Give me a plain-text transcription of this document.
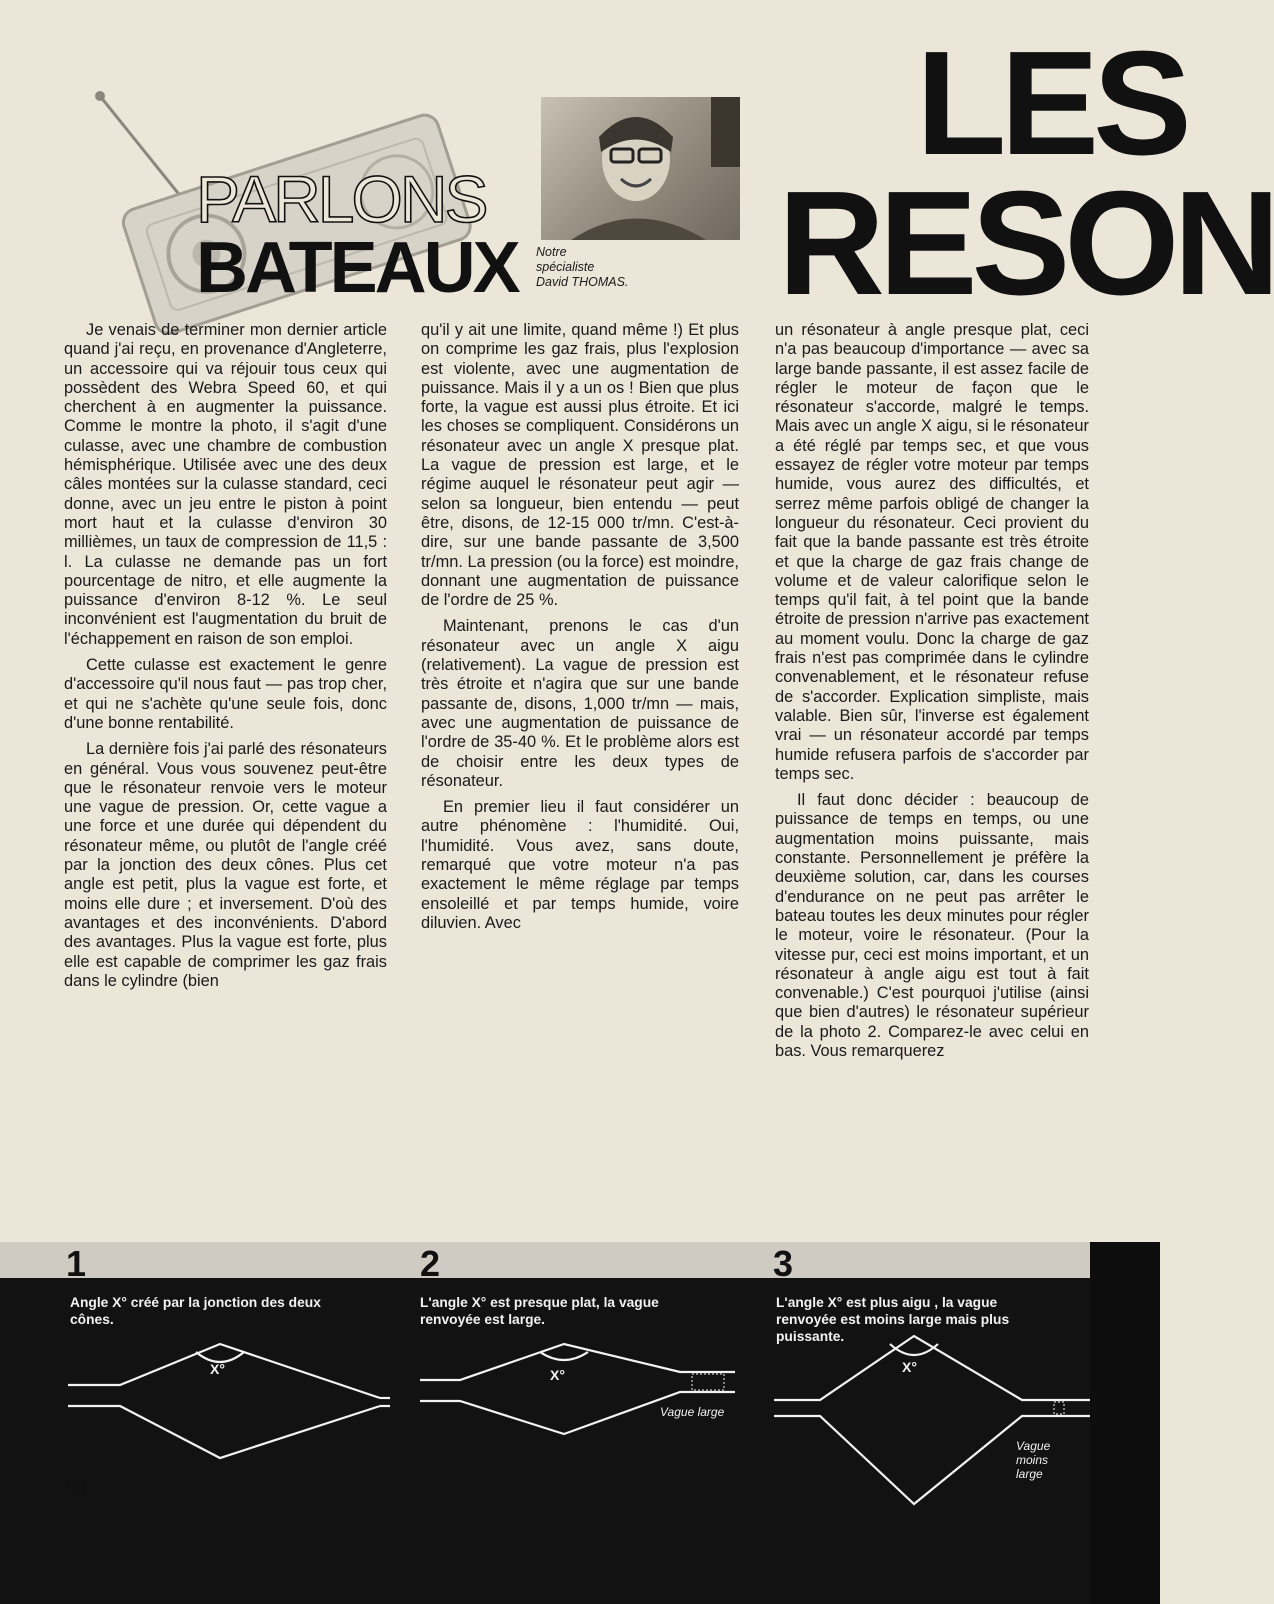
PARLONS
BATEAUX Notre
spécialiste
David THOMAS.
LES
RESON

Je venais de terminer mon dernier article quand j'ai reçu, en provenance d'Angleterre, un accessoire qui va réjouir tous ceux qui possèdent des Webra Speed 60, et qui cherchent à en augmenter la puissance. Comme le montre la photo, il s'agit d'une culasse, avec une chambre de combustion hémisphérique. Utilisée avec une des deux câles montées sur la culasse standard, ceci donne, avec un jeu entre le piston à point mort haut et la culasse d'environ 30 millièmes, un taux de compression de 11,5 : l. La culasse ne demande pas un fort pourcentage de nitro, et elle augmente la puissance d'environ 8-12 %. Le seul inconvénient est l'augmentation du bruit de l'échappement en raison de son emploi.

Cette culasse est exactement le genre d'accessoire qu'il nous faut — pas trop cher, et qui ne s'achète qu'une seule fois, donc d'une bonne rentabilité.

La dernière fois j'ai parlé des résonateurs en général. Vous vous souvenez peut-être que le résonateur renvoie vers le moteur une vague de pression. Or, cette vague a une force et une durée qui dépendent du résonateur même, ou plutôt de l'angle créé par la jonction des deux cônes. Plus cet angle est petit, plus la vague est forte, et moins elle dure ; et inversement. D'où des avantages et des inconvénients. D'abord des avantages. Plus la vague est forte, plus elle est capable de comprimer les gaz frais dans le cylindre (bien

qu'il y ait une limite, quand même !) Et plus on comprime les gaz frais, plus l'explosion est violente, avec une augmentation de puissance. Mais il y a un os ! Bien que plus forte, la vague est aussi plus étroite. Et ici les choses se compliquent. Considérons un résonateur avec un angle X presque plat. La vague de pression est large, et le régime auquel le résonateur peut agir — selon sa longueur, bien entendu — peut être, disons, de 12-15 000 tr/mn. C'est-à-dire, sur une bande passante de 3,500 tr/mn. La pression (ou la force) est moindre, donnant une augmentation de puissance de l'ordre de 25 %.

Maintenant, prenons le cas d'un résonateur avec un angle X aigu (relativement). La vague de pression est très étroite et n'agira que sur une bande passante de, disons, 1,000 tr/mn — mais, avec une augmentation de puissance de l'ordre de 35-40 %. Et le problème alors est de choisir entre les deux types de résonateur.

En premier lieu il faut considérer un autre phénomène : l'humidité. Oui, l'humidité. Vous avez, sans doute, remarqué que votre moteur n'a pas exactement le même réglage par temps ensoleillé et par temps humide, voire diluvien. Avec

un résonateur à angle presque plat, ceci n'a pas beaucoup d'importance — avec sa large bande passante, il est assez facile de régler le moteur de façon que le résonateur s'accorde, malgré le temps. Mais avec un angle X aigu, si le résonateur a été réglé par temps sec, et que vous essayez de régler votre moteur par temps humide, vous aurez des difficultés, et serrez même parfois obligé de changer la longueur du résonateur. Ceci provient du fait que la bande passante est très étroite et que la charge de gaz frais change de volume et de valeur calorifique selon le temps qu'il fait, à tel point que la bande étroite de pression n'arrive pas exactement au moment voulu. Donc la charge de gaz frais n'est pas comprimée dans le cylindre convenablement, et le résonateur refuse de s'accorder. Explication simpliste, mais valable. Bien sûr, l'inverse est également vrai — un résonateur accordé par temps humide refusera parfois de s'accorder par temps sec.

Il faut donc décider : beaucoup de puissance de temps en temps, ou une augmentation moins puissante, mais constante. Personnellement je préfère la deuxième solution, car, dans les courses d'endurance on ne peut pas arrêter le bateau toutes les deux minutes pour régler le moteur, voire le résonateur. (Pour la vitesse pur, ceci est moins important, et un résonateur à angle aigu est tout à fait convenable.) C'est pourquoi j'utilise (ainsi que bien d'autres) le résonateur supérieur de la photo 2. Comparez-le avec celui en bas. Vous remarquerez

1	2	3
Angle X° créé par la jonction des deux cônes.
L'angle X° est presque plat, la vague renvoyée est large.
L'angle X° est plus aigu , la vague renvoyée est moins large mais plus puissante.
X°	X°
Vague large
X°
Vague moins large
60
